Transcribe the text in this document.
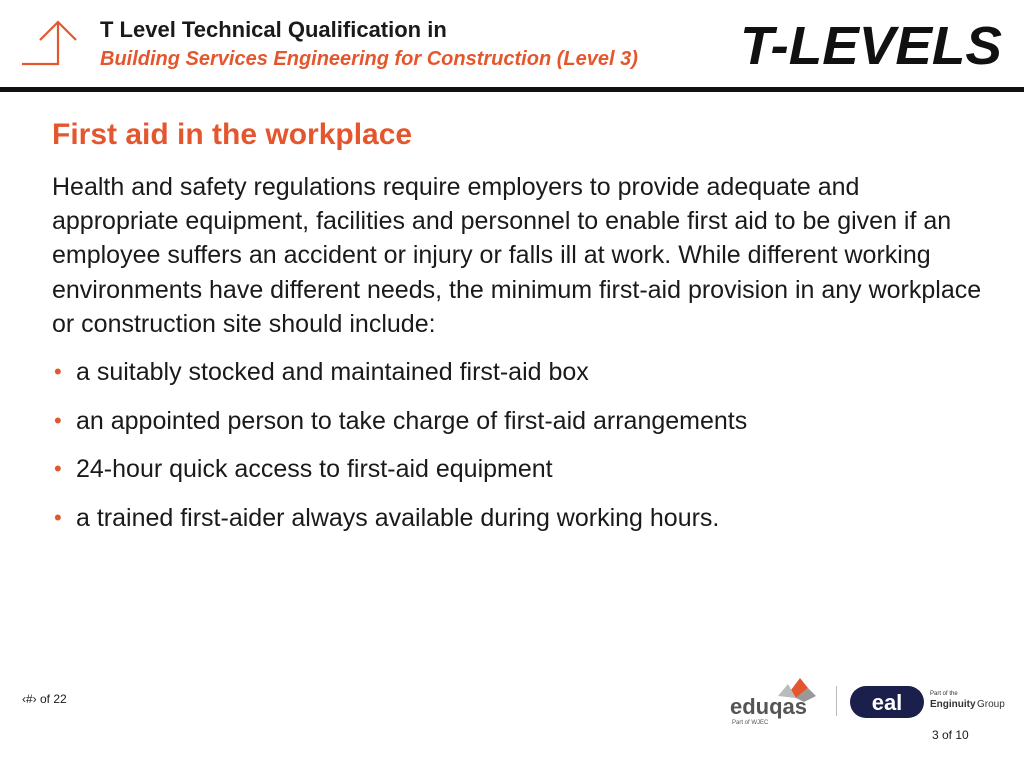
T Level Technical Qualification in
Building Services Engineering for Construction (Level 3) T-LEVELS
First aid in the workplace

Health and safety regulations require employers to provide adequate and appropriate equipment, facilities and personnel to enable first aid to be given if an employee suffers an accident or injury or falls ill at work. While different working environments have different needs, the minimum first-aid provision in any workplace or construction site should include:

• a suitably stocked and maintained first-aid box
• an appointed person to take charge of first-aid arrangements
• 24-hour quick access to first-aid equipment
• a trained first-aider always available during working hours.
‹#› of 22	eduqas
Part of WJEC
eal	Part of the
Enginuity Group
3 of 10
